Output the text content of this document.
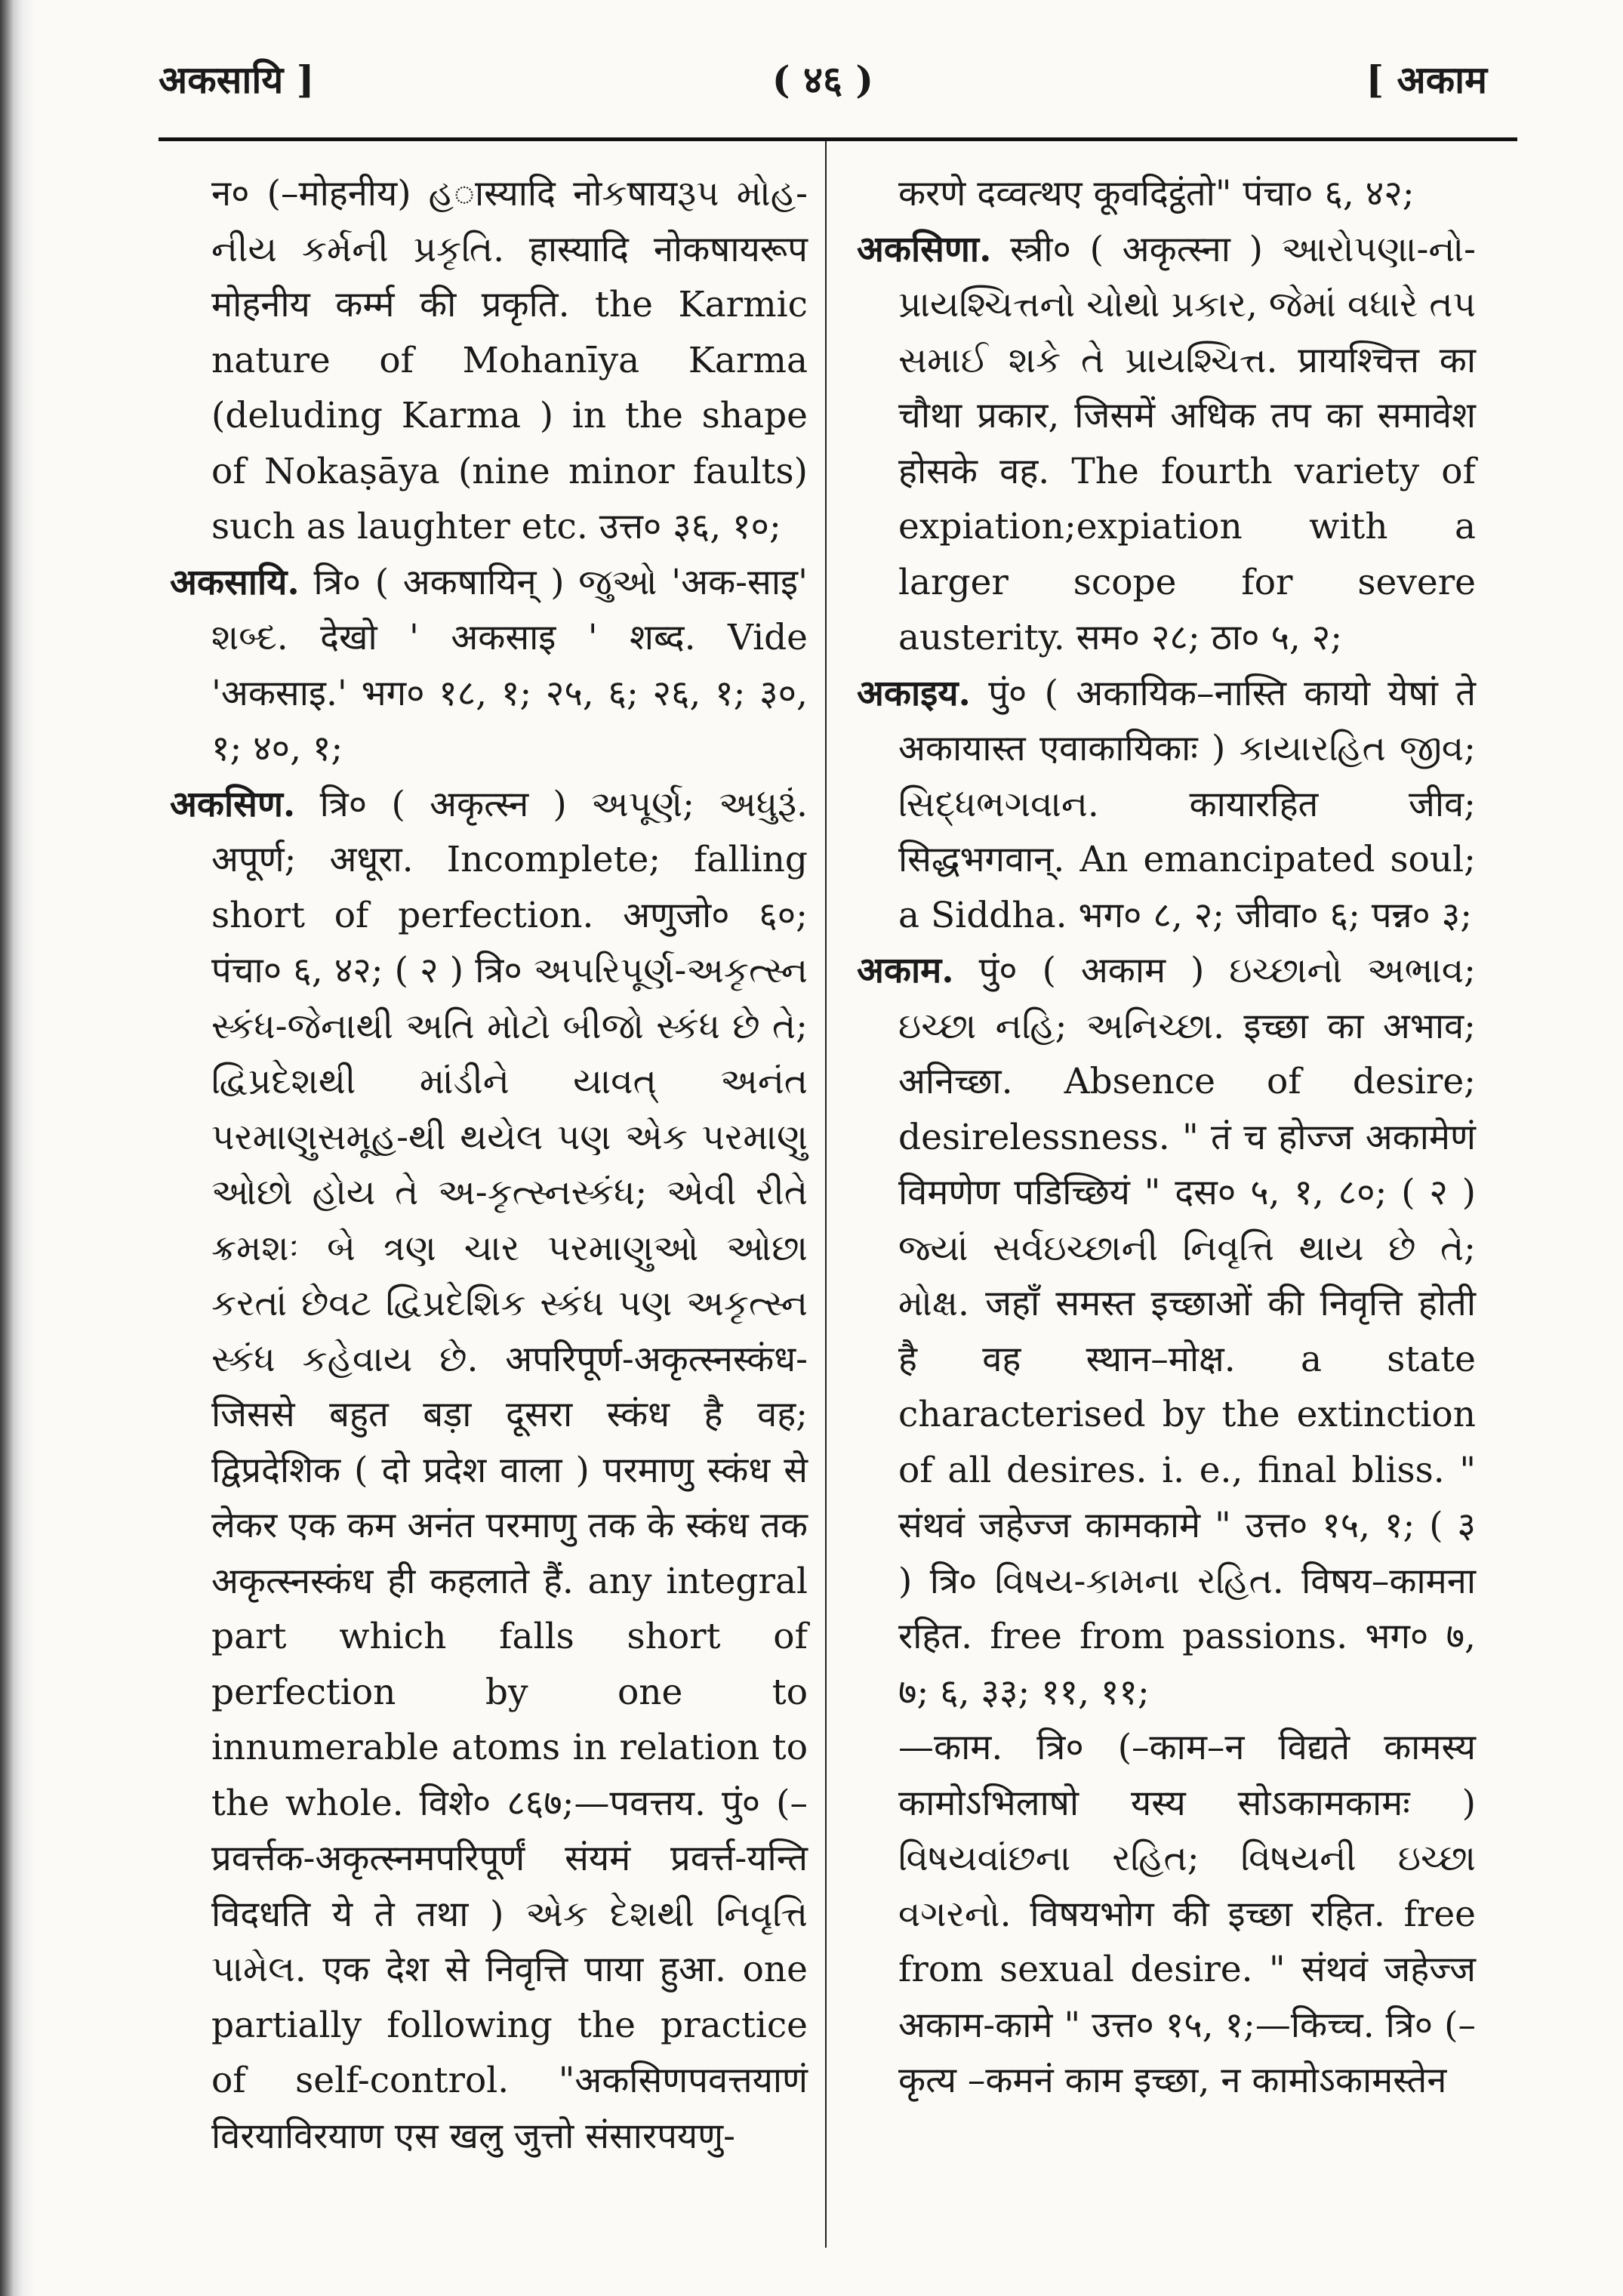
अकसायि ]	( ४६ )	[ अकाम

न० (–मोहनीय) હास्यादि नोકषायરૂપ મોહ-નીય કર્મની પ્રકૃતિ. हास्यादि नोकषायरूप मोहनीय कर्म्म की प्रकृति. the Karmic nature of Mohanīya Karma (deluding Karma ) in the shape of Nokaṣāya (nine minor faults) such as laughter etc. उत्त० ३६, १०;

अकसायि. त्रि० ( अकषायिन् ) જુઓ 'अक-साइ' શબ્દ. देखो ' अकसाइ ' शब्द. Vide 'अकसाइ.' भग० १८, १; २५, ६; २६, १; ३०, १; ४०, १;

अकसिण. त्रि० ( अकृत्स्न ) અપૂર્ણ; અધુરૂં. अपूर्ण; अधूरा. Incomplete; falling short of perfection. अणुजो० ६०; पंचा० ६, ४२; ( २ ) त्रि० અપરિપૂર્ણ-અકૃત્સ્ન સ્કંધ-જેનાથી અતિ મોટો બીજો સ્કંધ છે તે; દ્વિપ્રદેશથી માંડીને યાવત્ અનંત પરમાણુસમૂહ-થી થયેલ પણ એક પરમાણુ ઓછો હોય તે અ-કૃત્સ્નસ્કંધ; એવી રીતે ક્રમશઃ બે ત્રણ ચાર પરમાણુઓ ઓછા કરતાં છેવટ દ્વિપ્રદેશિક સ્કંધ પણ અકૃત્સ્ન સ્કંધ કહેવાય છે. अपरिपूर्ण-अकृत्स्नस्कंध-जिससे बहुत बड़ा दूसरा स्कंध है वह; द्विप्रदेशिक ( दो प्रदेश वाला ) परमाणु स्कंध से लेकर एक कम अनंत परमाणु तक के स्कंध तक अकृत्स्नस्कंध ही कहलाते हैं. any integral part which falls short of perfection by one to innumerable atoms in relation to the whole. विशे० ८६७;—पवत्तय. पुं० (–प्रवर्त्तक-अकृत्स्नमपरिपूर्णं संयमं प्रवर्त्त-यन्ति विदधति ये ते तथा ) એક દેશથી નિવૃત્તિ પામેલ. एक देश से निवृत्ति पाया हुआ. one partially following the practice of self-control. "अकसिणपवत्तयाणं विरयाविरयाण एस खलु जुत्तो संसारपयणु-

करणे दव्वत्थए कूवदिट्ठंतो" पंचा० ६, ४२;

अकसिणा. स्त्री० ( अकृत्स्ना ) આરોપણા-નો-પ્રાયશ્ચિત્તનો ચોથો પ્રકાર, જેમાં વધારે તપ સમાઈ શકે તે પ્રાયશ્ચિત્ત. प्रायश्चित्त का चौथा प्रकार, जिसमें अधिक तप का समावेश होसके वह. The fourth variety of expiation;expiation with a larger scope for severe austerity. सम० २८; ठा० ५, २;

अकाइय. पुं० ( अकायिक–नास्ति कायो येषां ते अकायास्त एवाकायिकाः ) કાયારહિત જીવ; સિદ્ધભગવાન. कायारहित जीव; सिद्धभगवान्. An emancipated soul; a Siddha. भग० ८, २; जीवा० ६; पन्न० ३;

अकाम. पुं० ( अकाम ) ઇચ્છાનો અભાવ; ઇચ્છા નહિ; અનિચ્છા. इच्छा का अभाव; अनिच्छा. Absence of desire; desirelessness. " तं च होज्ज अकामेणं विमणेण पडिच्छियं " दस० ५, १, ८०; ( २ ) જ્યાં સર્વઇચ્છાની નિવૃત્તિ થાય છે તે; મોક્ષ. जहाँ समस्त इच्छाओं की निवृत्ति होती है वह स्थान–मोक्ष. a state characterised by the extinction of all desires. i. e., final bliss. " संथवं जहेज्ज कामकामे " उत्त० १५, १; ( ३ ) त्रि० વિષય-કામના રહિત. विषय–कामना रहित. free from passions. भग० ७, ७; ६, ३३; ११, ११;

—काम. त्रि० (–काम–न विद्यते कामस्य कामोऽभिलाषो यस्य सोऽकामकामः ) વિષયવાંછના રહિત; વિષયની ઇચ્છા વગરનો. विषयभोग की इच्छा रहित. free from sexual desire. " संथवं जहेज्ज अकाम-कामे " उत्त० १५, १;—किच्च. त्रि० (–कृत्य –कमनं काम इच्छा, न कामोऽकामस्तेन
